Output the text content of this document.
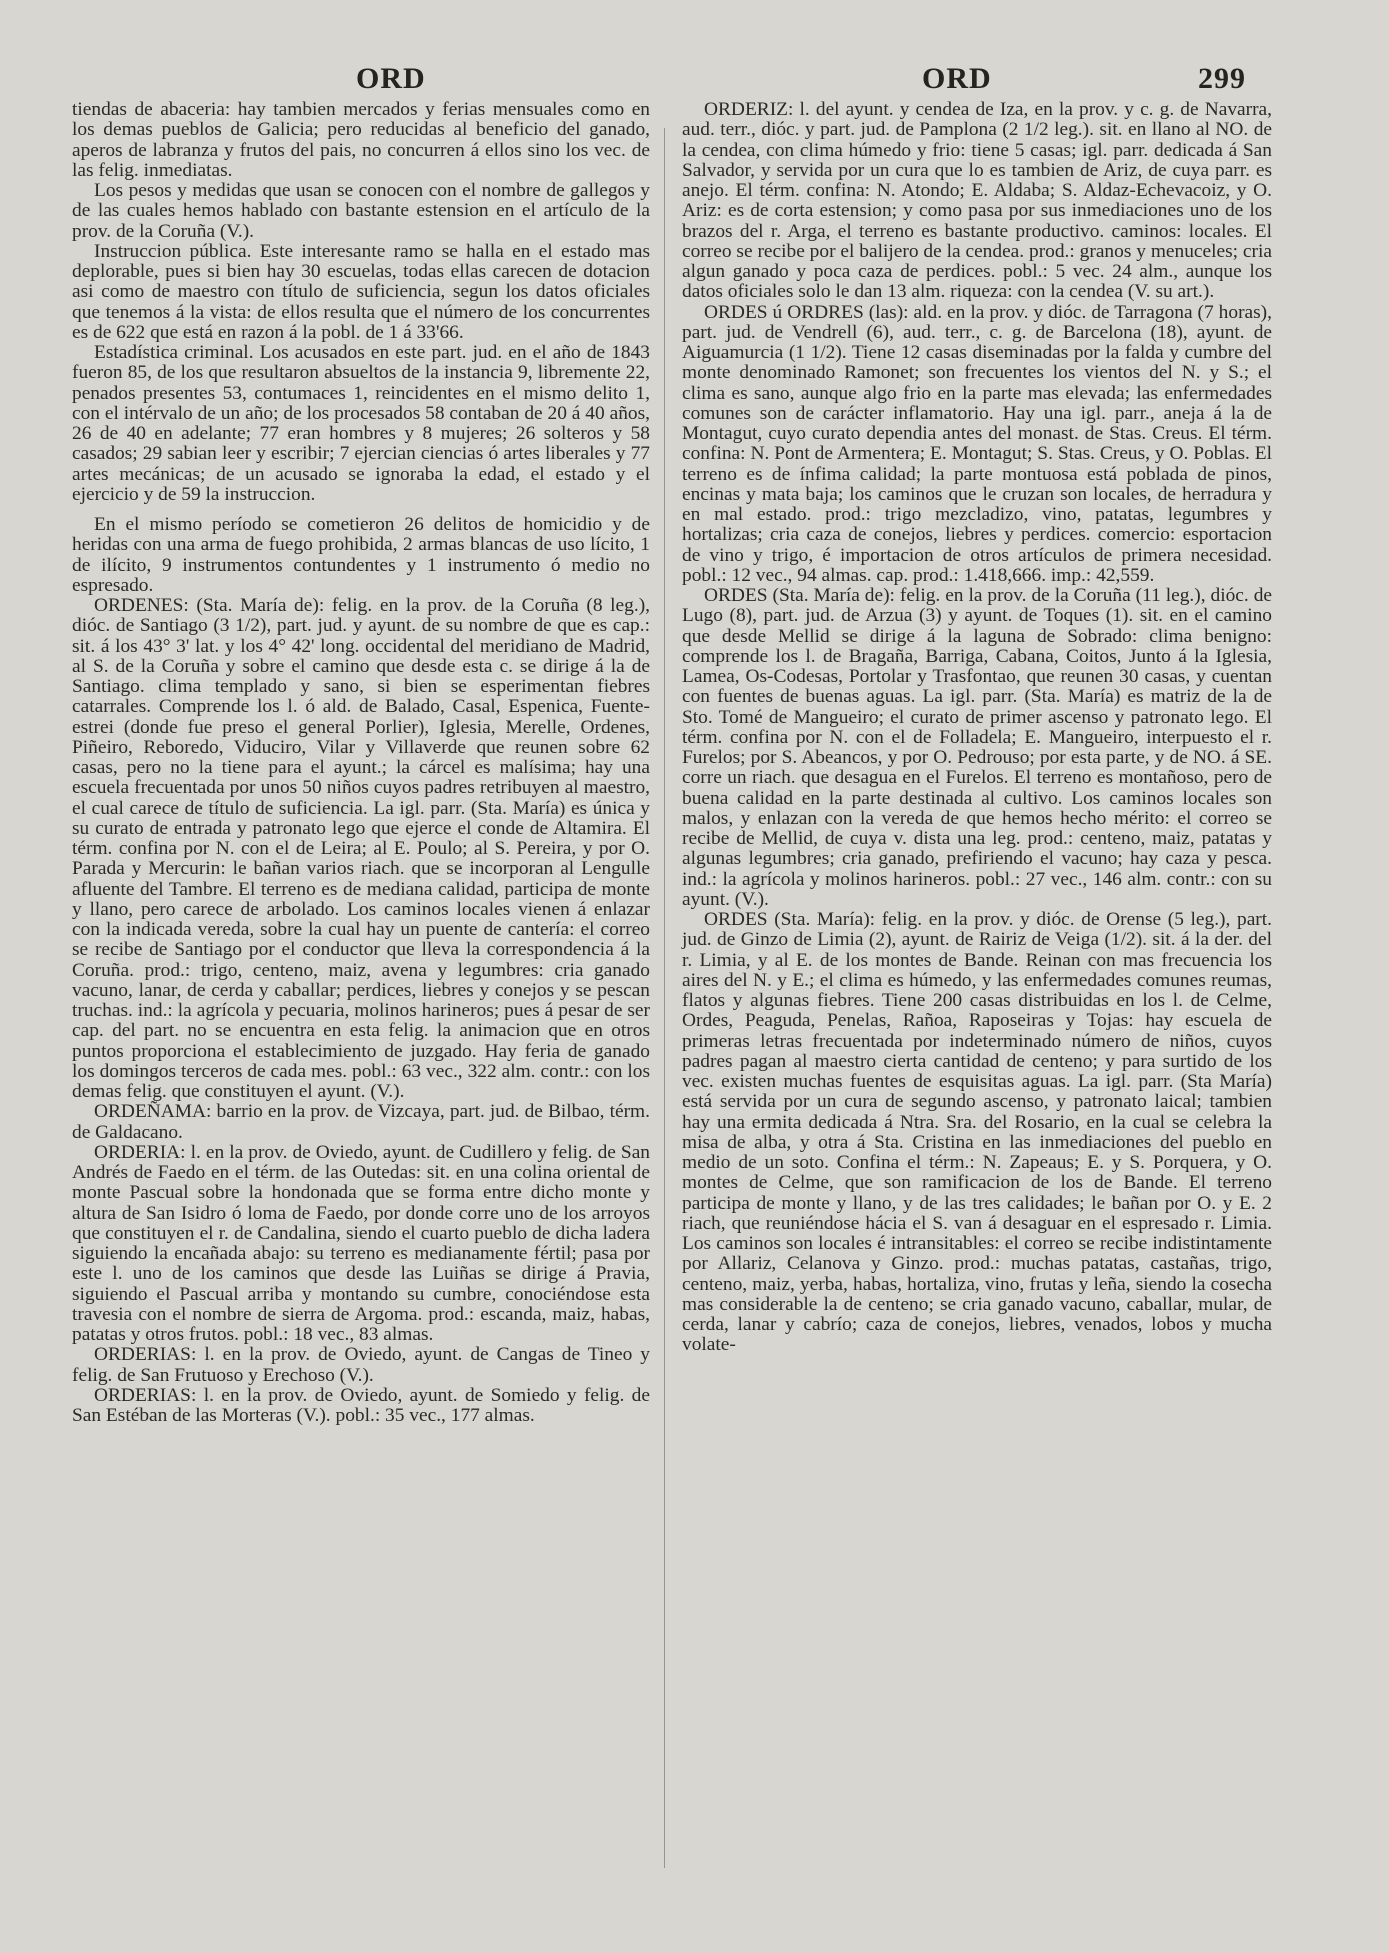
ORD	ORD	299

tiendas de abaceria: hay tambien mercados y ferias mensuales como en los demas pueblos de Galicia; pero reducidas al beneficio del ganado, aperos de labranza y frutos del pais, no concurren á ellos sino los vec. de las felig. inmediatas.

Los pesos y medidas que usan se conocen con el nombre de gallegos y de las cuales hemos hablado con bastante estension en el artículo de la prov. de la Coruña (V.).

Instruccion pública. Este interesante ramo se halla en el estado mas deplorable, pues si bien hay 30 escuelas, todas ellas carecen de dotacion asi como de maestro con título de suficiencia, segun los datos oficiales que tenemos á la vista: de ellos resulta que el número de los concurrentes es de 622 que está en razon á la pobl. de 1 á 33'66.

Estadística criminal. Los acusados en este part. jud. en el año de 1843 fueron 85, de los que resultaron absueltos de la instancia 9, libremente 22, penados presentes 53, contumaces 1, reincidentes en el mismo delito 1, con el intérvalo de un año; de los procesados 58 contaban de 20 á 40 años, 26 de 40 en adelante; 77 eran hombres y 8 mujeres; 26 solteros y 58 casados; 29 sabian leer y escribir; 7 ejercian ciencias ó artes liberales y 77 artes mecánicas; de un acusado se ignoraba la edad, el estado y el ejercicio y de 59 la instruccion.

En el mismo período se cometieron 26 delitos de homicidio y de heridas con una arma de fuego prohibida, 2 armas blancas de uso lícito, 1 de ilícito, 9 instrumentos contundentes y 1 instrumento ó medio no espresado.

ORDENES: (Sta. María de): felig. en la prov. de la Coruña (8 leg.), dióc. de Santiago (3 1/2), part. jud. y ayunt. de su nombre de que es cap.: sit. á los 43° 3' lat. y los 4° 42' long. occidental del meridiano de Madrid, al S. de la Coruña y sobre el camino que desde esta c. se dirige á la de Santiago. clima templado y sano, si bien se esperimentan fiebres catarrales. Comprende los l. ó ald. de Balado, Casal, Espenica, Fuente-estrei (donde fue preso el general Porlier), Iglesia, Merelle, Ordenes, Piñeiro, Reboredo, Viduciro, Vilar y Villaverde que reunen sobre 62 casas, pero no la tiene para el ayunt.; la cárcel es malísima; hay una escuela frecuentada por unos 50 niños cuyos padres retribuyen al maestro, el cual carece de título de suficiencia. La igl. parr. (Sta. María) es única y su curato de entrada y patronato lego que ejerce el conde de Altamira. El térm. confina por N. con el de Leira; al E. Poulo; al S. Pereira, y por O. Parada y Mercurin: le bañan varios riach. que se incorporan al Lengulle afluente del Tambre. El terreno es de mediana calidad, participa de monte y llano, pero carece de arbolado. Los caminos locales vienen á enlazar con la indicada vereda, sobre la cual hay un puente de cantería: el correo se recibe de Santiago por el conductor que lleva la correspondencia á la Coruña. prod.: trigo, centeno, maiz, avena y legumbres: cria ganado vacuno, lanar, de cerda y caballar; perdices, liebres y conejos y se pescan truchas. ind.: la agrícola y pecuaria, molinos harineros; pues á pesar de ser cap. del part. no se encuentra en esta felig. la animacion que en otros puntos proporciona el establecimiento de juzgado. Hay feria de ganado los domingos terceros de cada mes. pobl.: 63 vec., 322 alm. contr.: con los demas felig. que constituyen el ayunt. (V.).

ORDEÑAMA: barrio en la prov. de Vizcaya, part. jud. de Bilbao, térm. de Galdacano.

ORDERIA: l. en la prov. de Oviedo, ayunt. de Cudillero y felig. de San Andrés de Faedo en el térm. de las Outedas: sit. en una colina oriental de monte Pascual sobre la hondonada que se forma entre dicho monte y altura de San Isidro ó loma de Faedo, por donde corre uno de los arroyos que constituyen el r. de Candalina, siendo el cuarto pueblo de dicha ladera siguiendo la encañada abajo: su terreno es medianamente fértil; pasa por este l. uno de los caminos que desde las Luiñas se dirige á Pravia, siguiendo el Pascual arriba y montando su cumbre, conociéndose esta travesia con el nombre de sierra de Argoma. prod.: escanda, maiz, habas, patatas y otros frutos. pobl.: 18 vec., 83 almas.

ORDERIAS: l. en la prov. de Oviedo, ayunt. de Cangas de Tineo y felig. de San Frutuoso y Erechoso (V.).

ORDERIAS: l. en la prov. de Oviedo, ayunt. de Somiedo y felig. de San Estéban de las Morteras (V.). pobl.: 35 vec., 177 almas.

ORDERIZ: l. del ayunt. y cendea de Iza, en la prov. y c. g. de Navarra, aud. terr., dióc. y part. jud. de Pamplona (2 1/2 leg.). sit. en llano al NO. de la cendea, con clima húmedo y frio: tiene 5 casas; igl. parr. dedicada á San Salvador, y servida por un cura que lo es tambien de Ariz, de cuya parr. es anejo. El térm. confina: N. Atondo; E. Aldaba; S. Aldaz-Echevacoiz, y O. Ariz: es de corta estension; y como pasa por sus inmediaciones uno de los brazos del r. Arga, el terreno es bastante productivo. caminos: locales. El correo se recibe por el balijero de la cendea. prod.: granos y menuceles; cria algun ganado y poca caza de perdices. pobl.: 5 vec. 24 alm., aunque los datos oficiales solo le dan 13 alm. riqueza: con la cendea (V. su art.).

ORDES ú ORDRES (las): ald. en la prov. y dióc. de Tarragona (7 horas), part. jud. de Vendrell (6), aud. terr., c. g. de Barcelona (18), ayunt. de Aiguamurcia (1 1/2). Tiene 12 casas diseminadas por la falda y cumbre del monte denominado Ramonet; son frecuentes los vientos del N. y S.; el clima es sano, aunque algo frio en la parte mas elevada; las enfermedades comunes son de carácter inflamatorio. Hay una igl. parr., aneja á la de Montagut, cuyo curato dependia antes del monast. de Stas. Creus. El térm. confina: N. Pont de Armentera; E. Montagut; S. Stas. Creus, y O. Poblas. El terreno es de ínfima calidad; la parte montuosa está poblada de pinos, encinas y mata baja; los caminos que le cruzan son locales, de herradura y en mal estado. prod.: trigo mezcladizo, vino, patatas, legumbres y hortalizas; cria caza de conejos, liebres y perdices. comercio: esportacion de vino y trigo, é importacion de otros artículos de primera necesidad. pobl.: 12 vec., 94 almas. cap. prod.: 1.418,666. imp.: 42,559.

ORDES (Sta. María de): felig. en la prov. de la Coruña (11 leg.), dióc. de Lugo (8), part. jud. de Arzua (3) y ayunt. de Toques (1). sit. en el camino que desde Mellid se dirige á la laguna de Sobrado: clima benigno: comprende los l. de Bragaña, Barriga, Cabana, Coitos, Junto á la Iglesia, Lamea, Os-Codesas, Portolar y Trasfontao, que reunen 30 casas, y cuentan con fuentes de buenas aguas. La igl. parr. (Sta. María) es matriz de la de Sto. Tomé de Mangueiro; el curato de primer ascenso y patronato lego. El térm. confina por N. con el de Folladela; E. Mangueiro, interpuesto el r. Furelos; por S. Abeancos, y por O. Pedrouso; por esta parte, y de NO. á SE. corre un riach. que desagua en el Furelos. El terreno es montañoso, pero de buena calidad en la parte destinada al cultivo. Los caminos locales son malos, y enlazan con la vereda de que hemos hecho mérito: el correo se recibe de Mellid, de cuya v. dista una leg. prod.: centeno, maiz, patatas y algunas legumbres; cria ganado, prefiriendo el vacuno; hay caza y pesca. ind.: la agrícola y molinos harineros. pobl.: 27 vec., 146 alm. contr.: con su ayunt. (V.).

ORDES (Sta. María): felig. en la prov. y dióc. de Orense (5 leg.), part. jud. de Ginzo de Limia (2), ayunt. de Rairiz de Veiga (1/2). sit. á la der. del r. Limia, y al E. de los montes de Bande. Reinan con mas frecuencia los aires del N. y E.; el clima es húmedo, y las enfermedades comunes reumas, flatos y algunas fiebres. Tiene 200 casas distribuidas en los l. de Celme, Ordes, Peaguda, Penelas, Rañoa, Raposeiras y Tojas: hay escuela de primeras letras frecuentada por indeterminado número de niños, cuyos padres pagan al maestro cierta cantidad de centeno; y para surtido de los vec. existen muchas fuentes de esquisitas aguas. La igl. parr. (Sta María) está servida por un cura de segundo ascenso, y patronato laical; tambien hay una ermita dedicada á Ntra. Sra. del Rosario, en la cual se celebra la misa de alba, y otra á Sta. Cristina en las inmediaciones del pueblo en medio de un soto. Confina el térm.: N. Zapeaus; E. y S. Porquera, y O. montes de Celme, que son ramificacion de los de Bande. El terreno participa de monte y llano, y de las tres calidades; le bañan por O. y E. 2 riach, que reuniéndose hácia el S. van á desaguar en el espresado r. Limia. Los caminos son locales é intransitables: el correo se recibe indistintamente por Allariz, Celanova y Ginzo. prod.: muchas patatas, castañas, trigo, centeno, maiz, yerba, habas, hortaliza, vino, frutas y leña, siendo la cosecha mas considerable la de centeno; se cria ganado vacuno, caballar, mular, de cerda, lanar y cabrío; caza de conejos, liebres, venados, lobos y mucha volate-
